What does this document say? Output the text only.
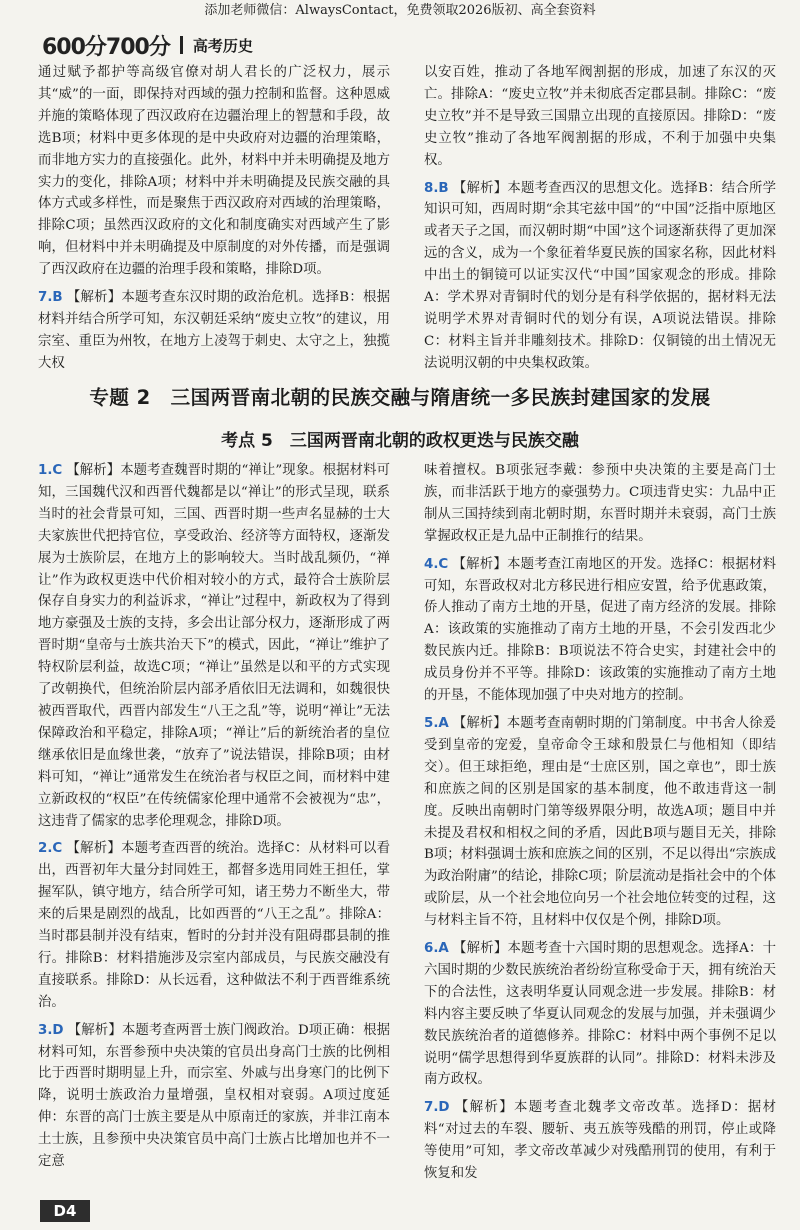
添加老师微信：AlwaysContact，免费领取2026版初、高全套资料
600分700分 高考历史

通过赋予都护等高级官僚对胡人君长的广泛权力，展示其“威”的一面，即保持对西域的强力控制和监督。这种恩威并施的策略体现了西汉政府在边疆治理上的智慧和手段，故选B项；材料中更多体现的是中央政府对边疆的治理策略，而非地方实力的直接强化。此外，材料中并未明确提及地方实力的变化，排除A项；材料中并未明确提及民族交融的具体方式或多样性，而是聚焦于西汉政府对西域的治理策略，排除C项；虽然西汉政府的文化和制度确实对西域产生了影响，但材料中并未明确提及中原制度的对外传播，而是强调了西汉政府在边疆的治理手段和策略，排除D项。

7.B 【解析】本题考查东汉时期的政治危机。选择B：根据材料并结合所学可知，东汉朝廷采纳“废史立牧”的建议，用宗室、重臣为州牧，在地方上凌驾于刺史、太守之上，独揽大权

以安百姓，推动了各地军阀割据的形成，加速了东汉的灭亡。排除A：“废史立牧”并未彻底否定郡县制。排除C：“废史立牧”并不是导致三国鼎立出现的直接原因。排除D：“废史立牧”推动了各地军阀割据的形成，不利于加强中央集权。

8.B 【解析】本题考查西汉的思想文化。选择B：结合所学知识可知，西周时期“余其宅兹中国”的“中国”泛指中原地区或者天子之国，而汉朝时期“中国”这个词逐渐获得了更加深远的含义，成为一个象征着华夏民族的国家名称，因此材料中出土的铜镜可以证实汉代“中国”国家观念的形成。排除A：学术界对青铜时代的划分是有科学依据的，据材料无法说明学术界对青铜时代的划分有误，A项说法错误。排除C：材料主旨并非雕刻技术。排除D：仅铜镜的出土情况无法说明汉朝的中央集权政策。

专题 2　三国两晋南北朝的民族交融与隋唐统一多民族封建国家的发展
考点 5　三国两晋南北朝的政权更迭与民族交融

1.C 【解析】本题考查魏晋时期的“禅让”现象。根据材料可知，三国魏代汉和西晋代魏都是以“禅让”的形式呈现，联系当时的社会背景可知，三国、西晋时期一些声名显赫的士大夫家族世代把持官位，享受政治、经济等方面特权，逐渐发展为士族阶层，在地方上的影响较大。当时战乱频仍，“禅让”作为政权更迭中代价相对较小的方式，最符合士族阶层保存自身实力的利益诉求，“禅让”过程中，新政权为了得到地方豪强及士族的支持，多会出让部分权力，逐渐形成了两晋时期“皇帝与士族共治天下”的模式，因此，“禅让”维护了特权阶层利益，故选C项；“禅让”虽然是以和平的方式实现了改朝换代，但统治阶层内部矛盾依旧无法调和，如魏很快被西晋取代，西晋内部发生“八王之乱”等，说明“禅让”无法保障政治和平稳定，排除A项；“禅让”后的新统治者的皇位继承依旧是血缘世袭，“放弃了”说法错误，排除B项；由材料可知，“禅让”通常发生在统治者与权臣之间，而材料中建立新政权的“权臣”在传统儒家伦理中通常不会被视为“忠”，这违背了儒家的忠孝伦理观念，排除D项。

2.C 【解析】本题考查西晋的统治。选择C：从材料可以看出，西晋初年大量分封同姓王，都督多选用同姓王担任，掌握军队，镇守地方，结合所学可知，诸王势力不断坐大，带来的后果是剧烈的战乱，比如西晋的“八王之乱”。排除A：当时郡县制并没有结束，暂时的分封并没有阻碍郡县制的推行。排除B：材料措施涉及宗室内部成员，与民族交融没有直接联系。排除D：从长远看，这种做法不利于西晋维系统治。

3.D 【解析】本题考查两晋士族门阀政治。D项正确：根据材料可知，东晋参预中央决策的官员出身高门士族的比例相比于西晋时期明显上升，而宗室、外戚与出身寒门的比例下降，说明士族政治力量增强，皇权相对衰弱。A项过度延伸：东晋的高门士族主要是从中原南迁的家族，并非江南本土士族，且参预中央决策官员中高门士族占比增加也并不一定意

味着擅权。B项张冠李戴：参预中央决策的主要是高门士族，而非活跃于地方的豪强势力。C项违背史实：九品中正制从三国持续到南北朝时期，东晋时期并未衰弱，高门士族掌握政权正是九品中正制推行的结果。

4.C 【解析】本题考查江南地区的开发。选择C：根据材料可知，东晋政权对北方移民进行相应安置，给予优惠政策，侨人推动了南方土地的开垦，促进了南方经济的发展。排除A：该政策的实施推动了南方土地的开垦，不会引发西北少数民族内迁。排除B：B项说法不符合史实，封建社会中的成员身份并不平等。排除D：该政策的实施推动了南方土地的开垦，不能体现加强了中央对地方的控制。

5.A 【解析】本题考查南朝时期的门第制度。中书舍人徐爰受到皇帝的宠爱，皇帝命令王球和殷景仁与他相知（即结交）。但王球拒绝，理由是“士庶区别，国之章也”，即士族和庶族之间的区别是国家的基本制度，他不敢违背这一制度。反映出南朝时门第等级界限分明，故选A项；题目中并未提及君权和相权之间的矛盾，因此B项与题目无关，排除B项；材料强调士族和庶族之间的区别，不足以得出“宗族成为政治附庸”的结论，排除C项；阶层流动是指社会中的个体或阶层，从一个社会地位向另一个社会地位转变的过程，这与材料主旨不符，且材料中仅仅是个例，排除D项。

6.A 【解析】本题考查十六国时期的思想观念。选择A：十六国时期的少数民族统治者纷纷宣称受命于天，拥有统治天下的合法性，这表明华夏认同观念进一步发展。排除B：材料内容主要反映了华夏认同观念的发展与加强，并未强调少数民族统治者的道德修养。排除C：材料中两个事例不足以说明“儒学思想得到华夏族群的认同”。排除D：材料未涉及南方政权。

7.D 【解析】本题考查北魏孝文帝改革。选择D：据材料“对过去的车裂、腰斩、夷五族等残酷的刑罚，停止或降等使用”可知，孝文帝改革减少对残酷刑罚的使用，有利于恢复和发

D4
